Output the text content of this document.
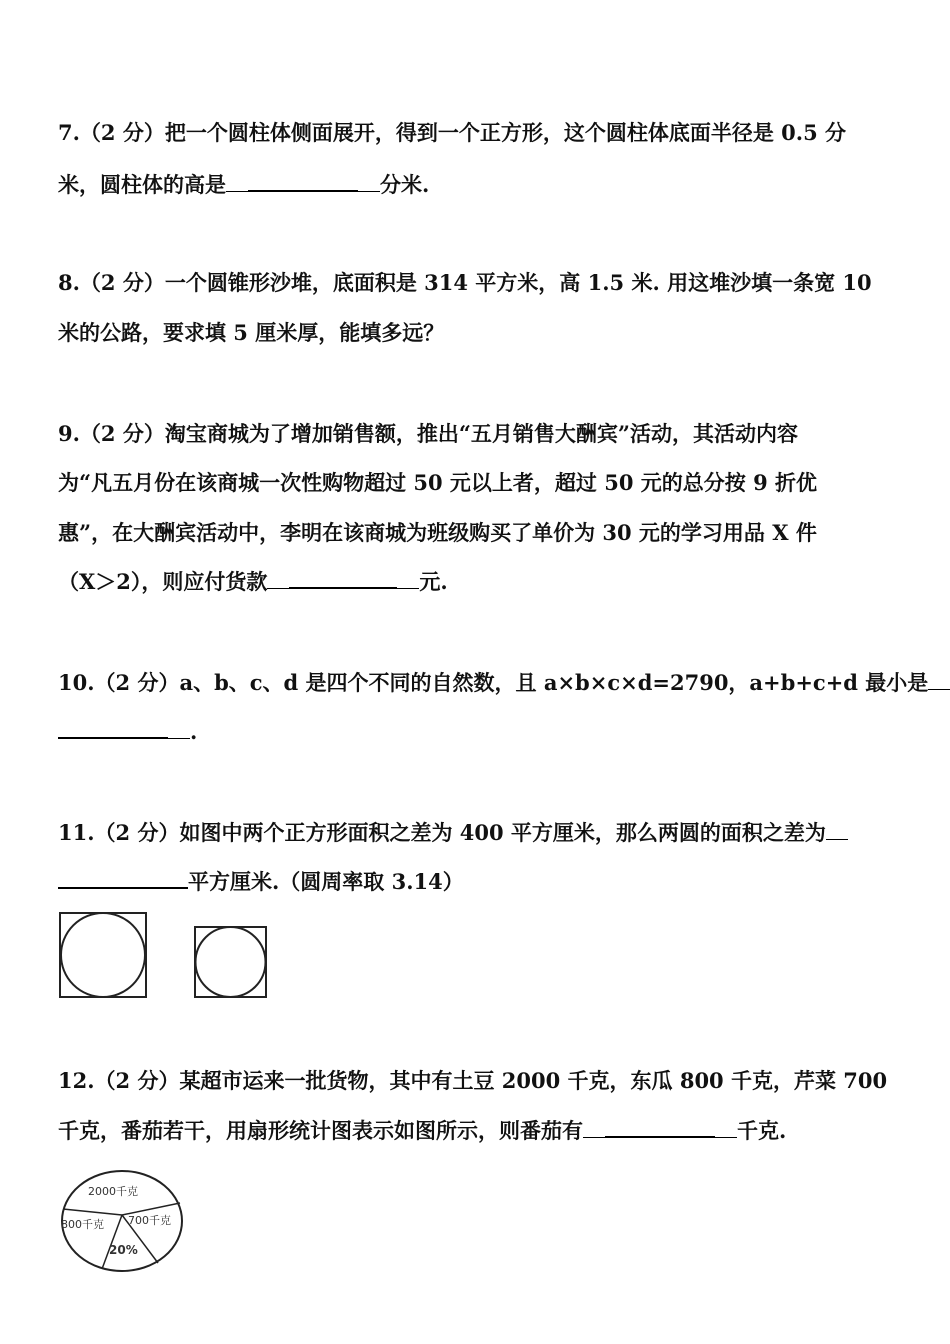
7.（2 分）把一个圆柱体侧面展开，得到一个正方形，这个圆柱体底面半径是 0.5 分
米，圆柱体的高是	分米.
8.（2 分）一个圆锥形沙堆，底面积是 314 平方米，高 1.5 米. 用这堆沙填一条宽 10
米的公路，要求填 5 厘米厚，能填多远？
9.（2 分）淘宝商城为了增加销售额，推出“五月销售大酬宾”活动，其活动内容
为“凡五月份在该商城一次性购物超过 50 元以上者，超过 50 元的总分按 9 折优
惠”，在大酬宾活动中，李明在该商城为班级购买了单价为 30 元的学习用品 X 件
（X＞2），则应付货款	元.
10.（2 分）a、b、c、d 是四个不同的自然数，且 a×b×c×d=2790，a+b+c+d 最小是
.
11.（2 分）如图中两个正方形面积之差为 400 平方厘米，那么两圆的面积之差为
平方厘米.（圆周率取 3.14）
12.（2 分）某超市运来一批货物，其中有土豆 2000 千克，东瓜 800 千克，芹菜 700
千克，番茄若干，用扇形统计图表示如图所示，则番茄有	千克.
2000千克
800千克 700千克
20%
